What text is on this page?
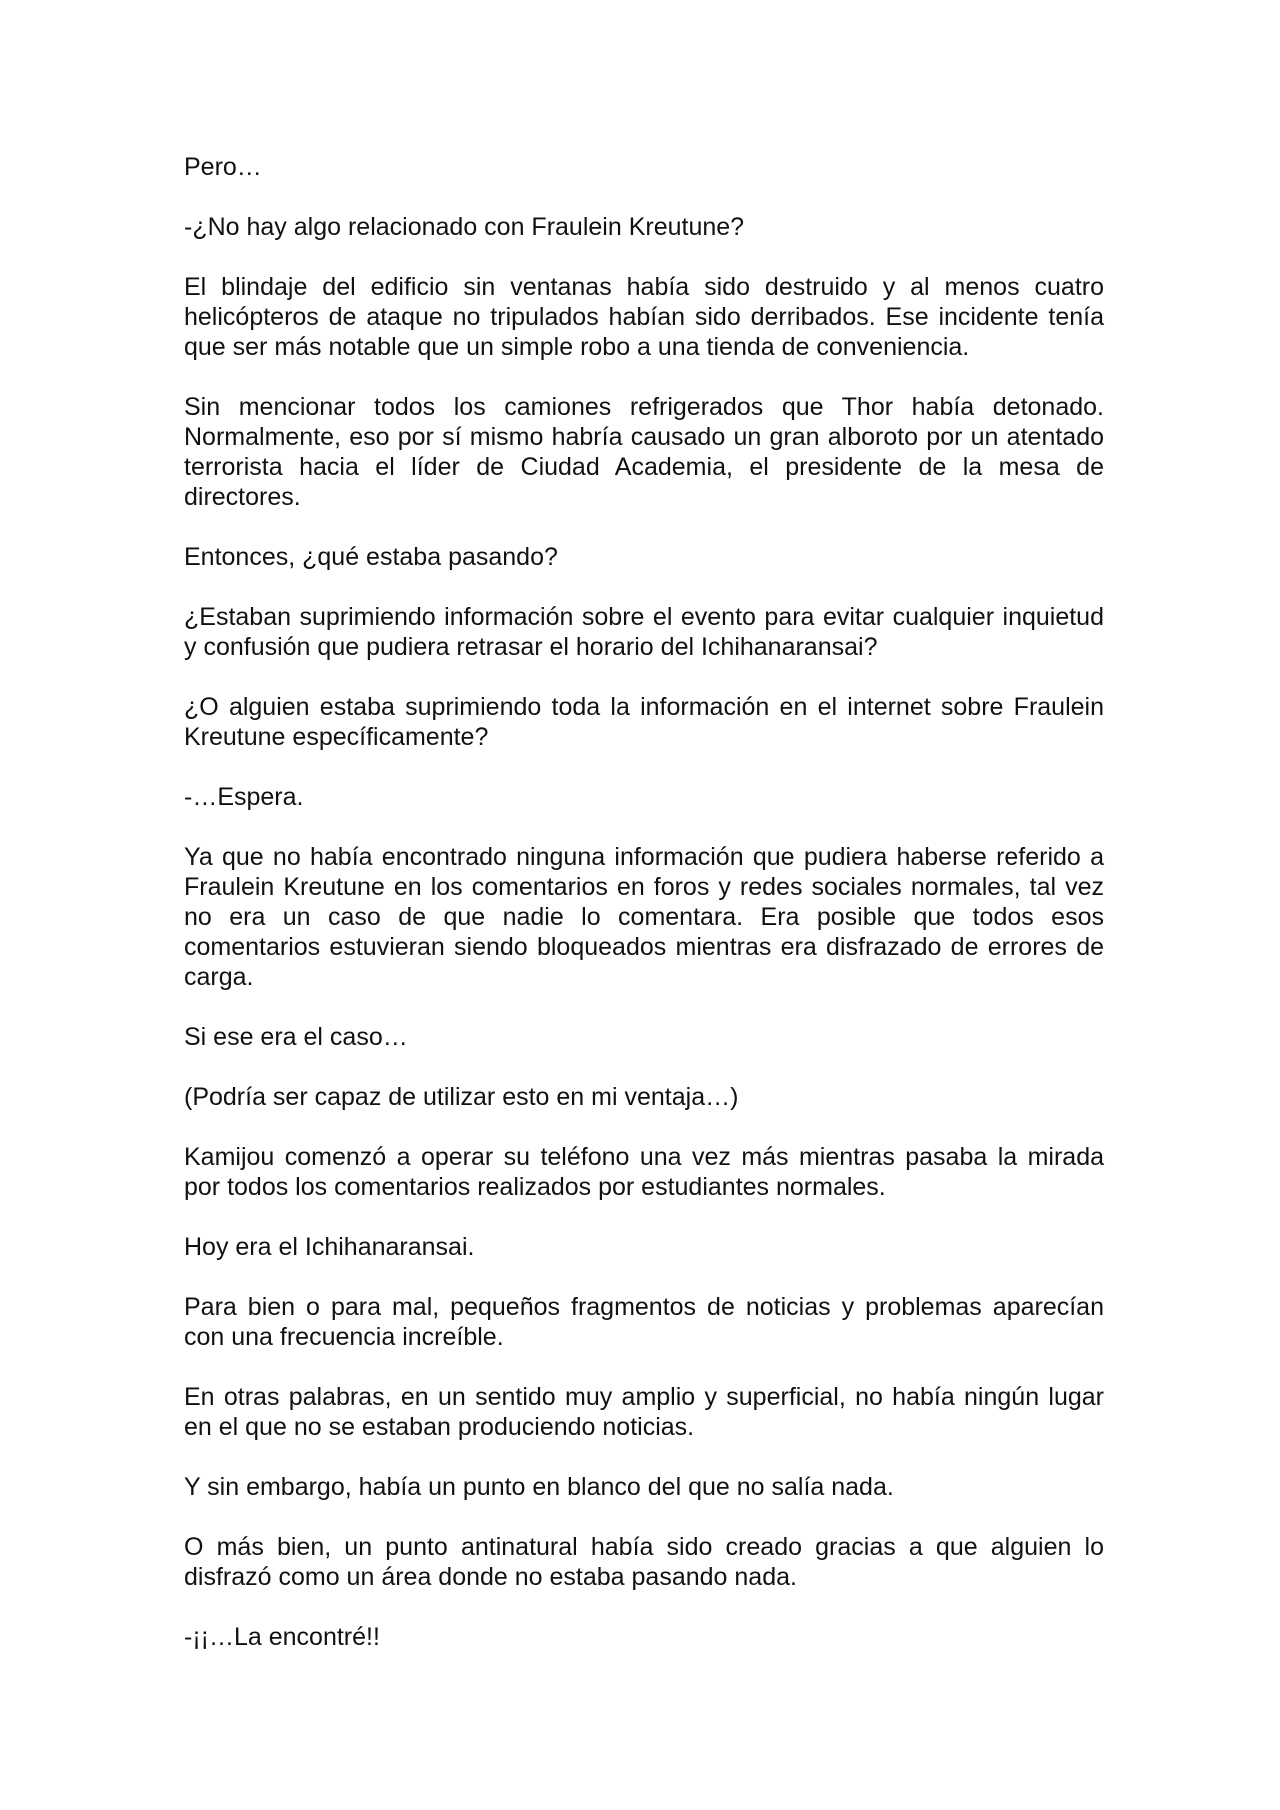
Pero…

-¿No hay algo relacionado con Fraulein Kreutune?

El blindaje del edificio sin ventanas había sido destruido y al menos cuatro helicópteros de ataque no tripulados habían sido derribados. Ese incidente tenía que ser más notable que un simple robo a una tienda de conveniencia.

Sin mencionar todos los camiones refrigerados que Thor había detonado. Normalmente, eso por sí mismo habría causado un gran alboroto por un atentado terrorista hacia el líder de Ciudad Academia, el presidente de la mesa de directores.

Entonces, ¿qué estaba pasando?

¿Estaban suprimiendo información sobre el evento para evitar cualquier inquietud y confusión que pudiera retrasar el horario del Ichihanaransai?

¿O alguien estaba suprimiendo toda la información en el internet sobre Fraulein Kreutune específicamente?

-…Espera.

Ya que no había encontrado ninguna información que pudiera haberse referido a Fraulein Kreutune en los comentarios en foros y redes sociales normales, tal vez no era un caso de que nadie lo comentara. Era posible que todos esos comentarios estuvieran siendo bloqueados mientras era disfrazado de errores de carga.

Si ese era el caso…

(Podría ser capaz de utilizar esto en mi ventaja…)

Kamijou comenzó a operar su teléfono una vez más mientras pasaba la mirada por todos los comentarios realizados por estudiantes normales.

Hoy era el Ichihanaransai.

Para bien o para mal, pequeños fragmentos de noticias y problemas aparecían con una frecuencia increíble.

En otras palabras, en un sentido muy amplio y superficial, no había ningún lugar en el que no se estaban produciendo noticias.

Y sin embargo, había un punto en blanco del que no salía nada.

O más bien, un punto antinatural había sido creado gracias a que alguien lo disfrazó como un área donde no estaba pasando nada.

-¡¡…La encontré!!
